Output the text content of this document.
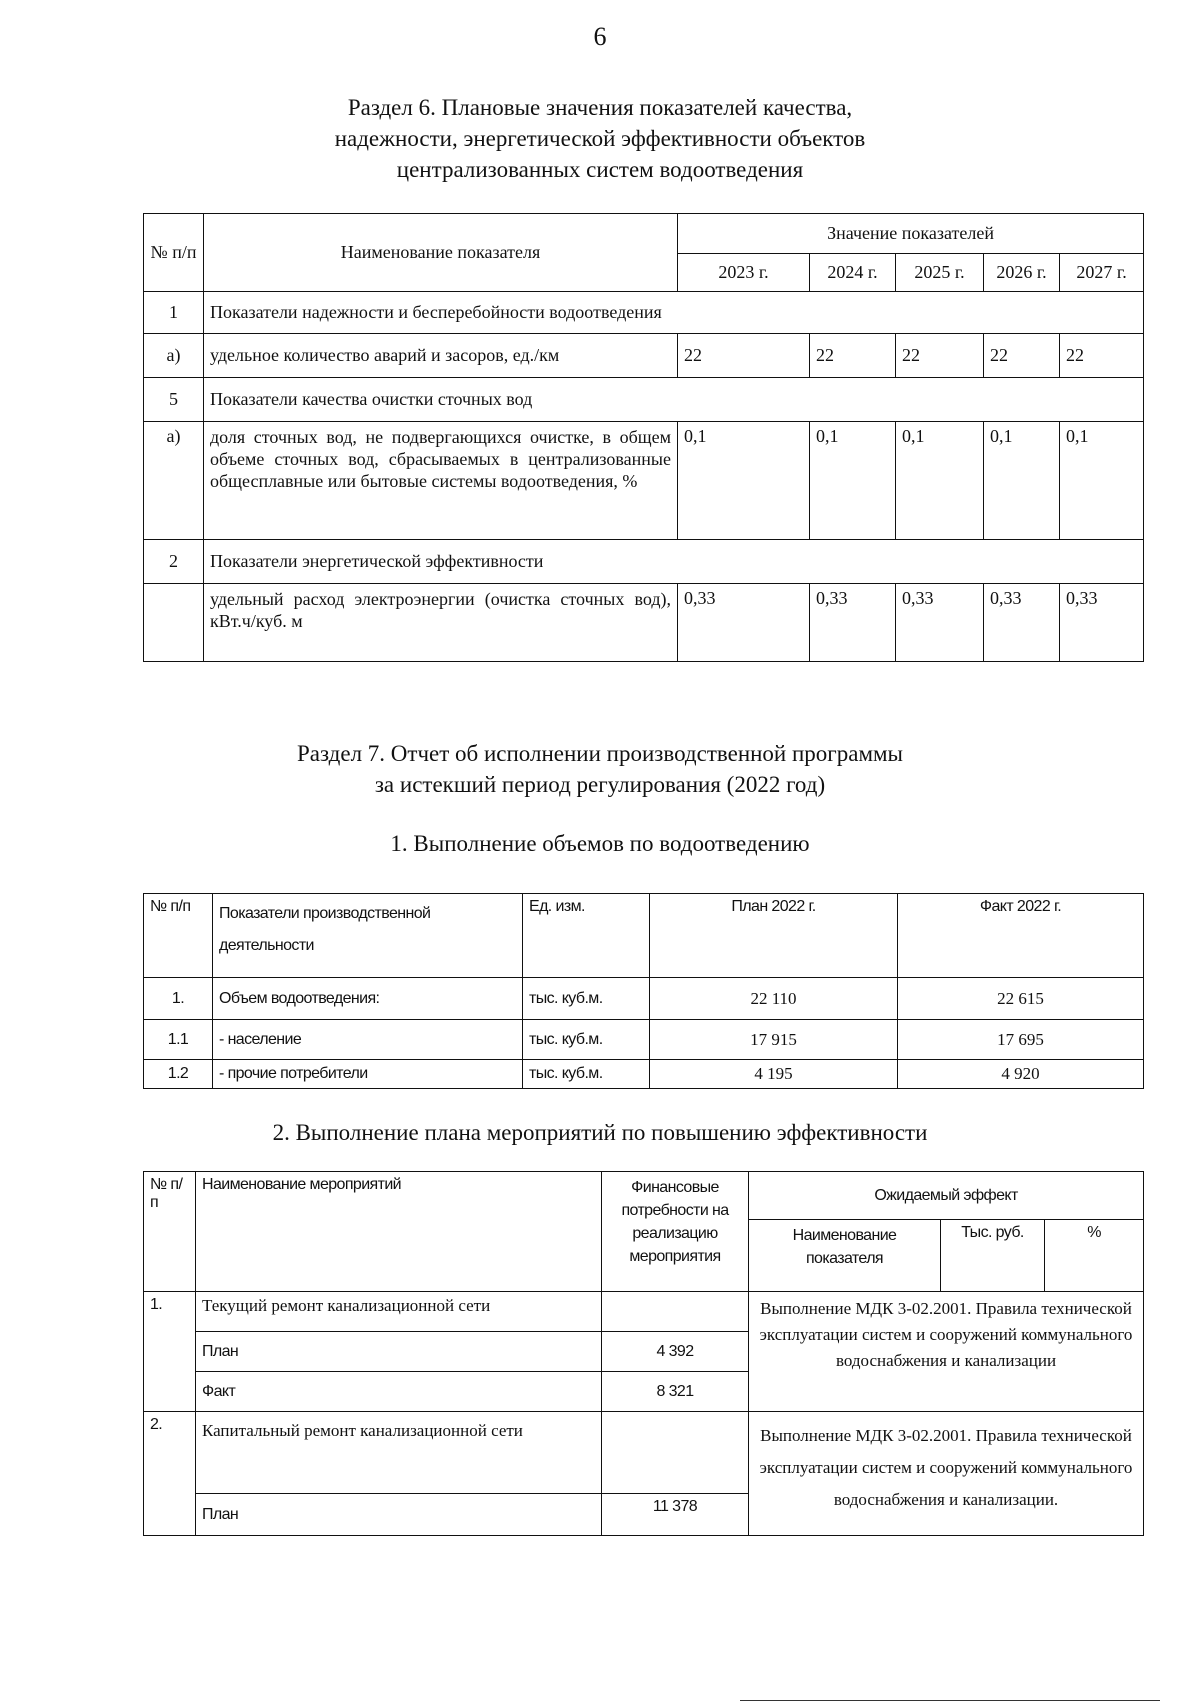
6
Раздел 6. Плановые значения показателей качества,
надежности, энергетической эффективности объектов
централизованных систем водоотведения
№ п/п	Наименование показателя	Значение показателей				
		2023 г.	2024 г.	2025 г.	2026 г.	2027 г.
1	Показатели надежности и бесперебойности водоотведения					
а)	удельное количество аварий и засоров, ед./км	22	22	22	22	22
5	Показатели качества очистки сточных вод					
а)	доля сточных вод, не подвергающихся очистке, в общем объеме сточных вод, сбрасываемых в централизованные общесплавные или бытовые системы водоотведения, %	0,1	0,1	0,1	0,1	0,1
2	Показатели энергетической эффективности					
	удельный расход электроэнергии (очистка сточных вод), кВт.ч/куб. м	0,33	0,33	0,33	0,33	0,33
Раздел 7. Отчет об исполнении производственной программы
за истекший период регулирования (2022 год)
1. Выполнение объемов по водоотведению
№ п/п	Показатели производственной деятельности	Ед. изм.	План 2022 г.	Факт 2022 г.
1.	Объем водоотведения:	тыс. куб.м.	22 110	22 615
1.1	- население	тыс. куб.м.	17 915	17 695
1.2	- прочие потребители	тыс. куб.м.	4 195	4 920
2. Выполнение плана мероприятий по повышению эффективности
№ п/п	Наименование мероприятий	Финансовые потребности на реализацию мероприятия	Ожидаемый эффект		
			Наименование показателя	Тыс. руб.	%
1.	Текущий ремонт канализационной сети		Выполнение МДК 3-02.2001. Правила технической эксплуатации систем и сооружений коммунального водоснабжения и канализации		
	План	4 392			
	Факт	8 321			
2.	Капитальный ремонт канализационной сети		Выполнение МДК 3-02.2001. Правила технической эксплуатации систем и сооружений коммунального водоснабжения и канализации.		
	План	11 378			
